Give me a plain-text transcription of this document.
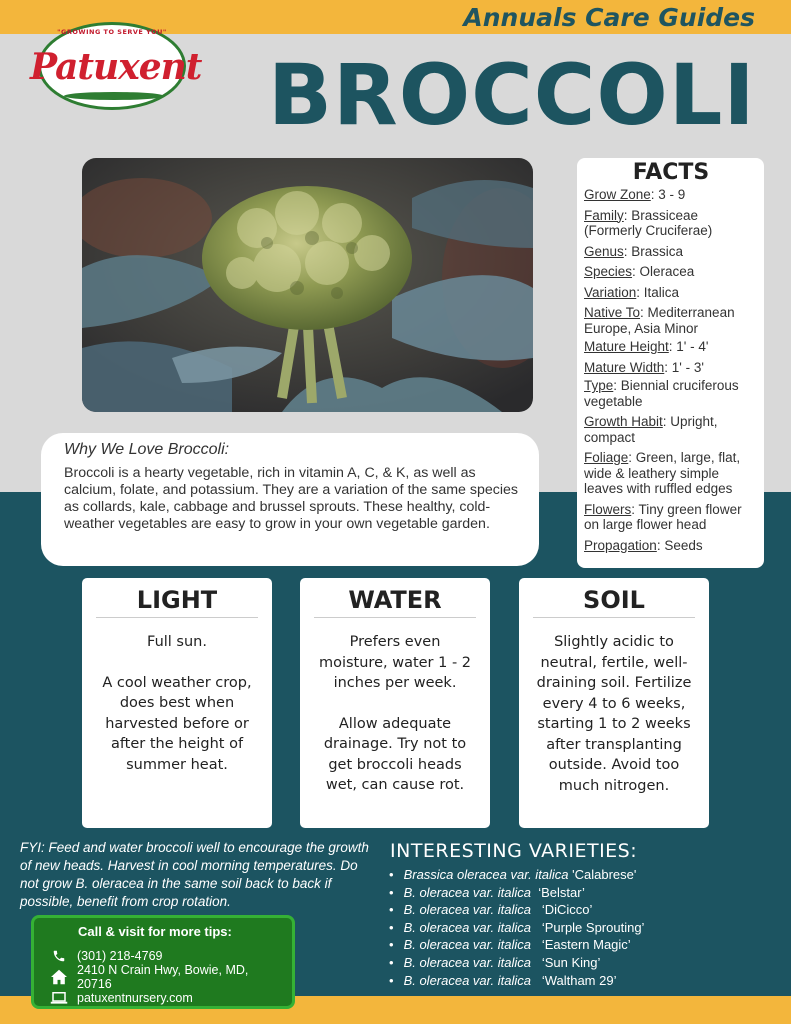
Annuals Care Guides
"GROWING TO SERVE YOU"
Patuxent BROCCOLI
FACTS
Grow Zone: 3 - 9
Family: Brassiceae (Formerly Cruciferae)
Genus: Brassica
Species: Oleracea
Variation: Italica
Native To: Mediterranean Europe, Asia Minor
Mature Height: 1' - 4'
Mature Width: 1' - 3'
Type: Biennial cruciferous vegetable
Growth Habit: Upright, compact
Foliage: Green, large, flat, wide & leathery simple leaves with ruffled edges
Flowers: Tiny green flower on large flower head
Propagation: Seeds
Why We Love Broccoli:
Broccoli is a hearty vegetable, rich in vitamin A, C, & K, as well as calcium, folate, and potassium. They are a variation of the same species as collards, kale, cabbage and brussel sprouts. These healthy, cold-weather vegetables are easy to grow in your own vegetable garden.
LIGHT

Full sun.

A cool weather crop, does best when harvested before or after the height of summer heat.

WATER

Prefers even moisture, water 1 - 2 inches per week.

Allow adequate drainage. Try not to get broccoli heads wet, can cause rot.

SOIL

Slightly acidic to neutral, fertile, well-draining soil. Fertilize every 4 to 6 weeks, starting 1 to 2 weeks after transplanting outside. Avoid too much nitrogen.

FYI: Feed and water broccoli well to encourage the growth of new heads. Harvest in cool morning temperatures. Do not grow B. oleracea in the same soil back to back if possible, benefit from crop rotation.
Call & visit for more tips:
(301) 218-4769
2410 N Crain Hwy, Bowie, MD, 20716
patuxentnursery.com
INTERESTING VARIETIES:
• Brassica oleracea var. italica 'Calabrese'
• B. oleracea var. italica  ‘Belstar’
• B. oleracea var. italica   ‘DiCicco’
• B. oleracea var. italica   ‘Purple Sprouting’
• B. oleracea var. italica   ‘Eastern Magic’
• B. oleracea var. italica   ‘Sun King’
• B. oleracea var. italica   ‘Waltham 29’
